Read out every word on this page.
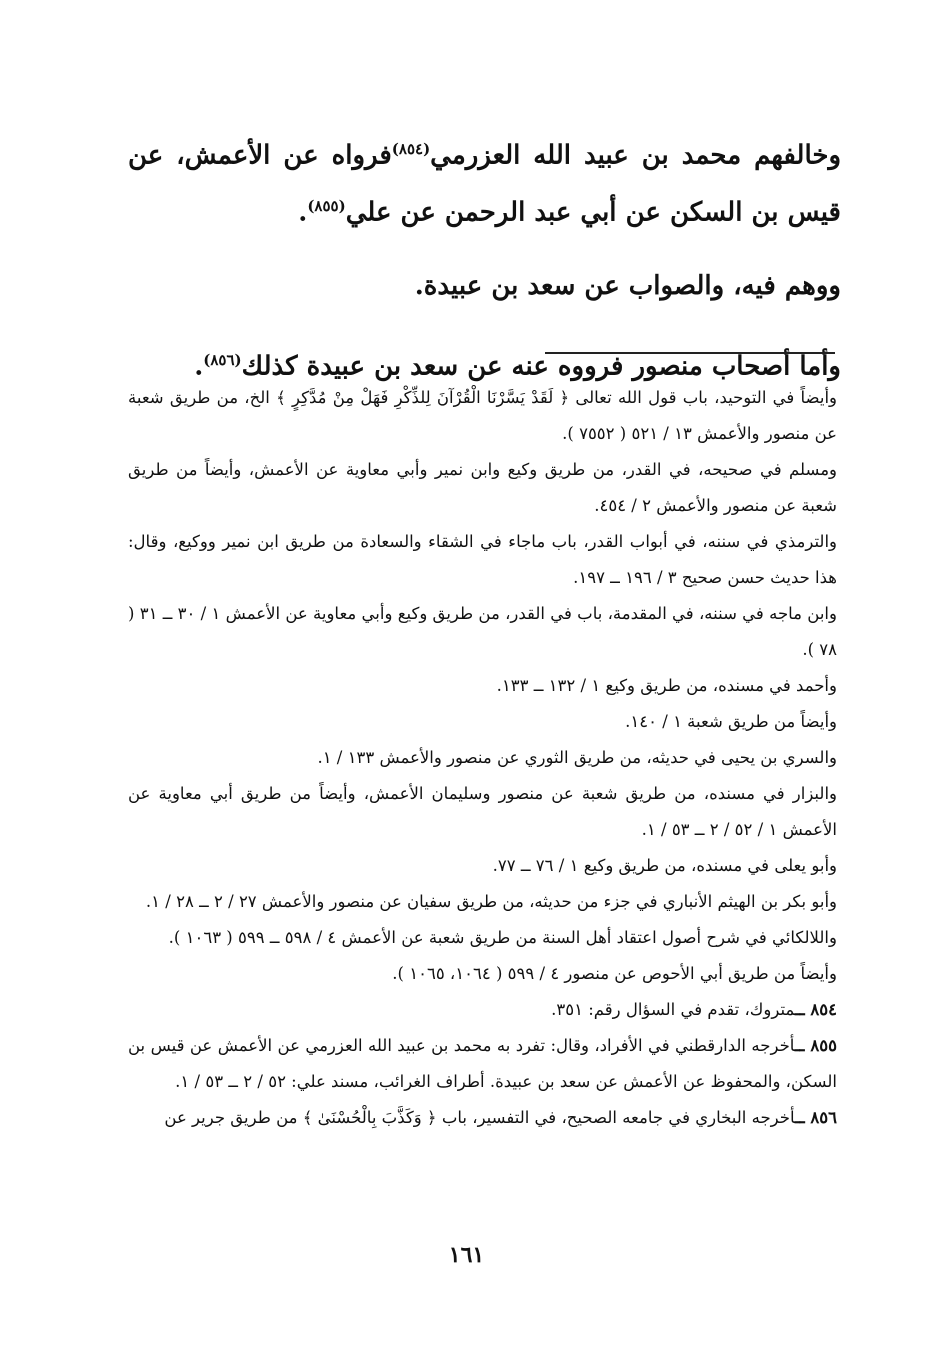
وخالفهم محمد بن عبيد الله العزرمي$^{(٨٥٤)}$فرواه عن الأعمش، عن قيس بن السكن عن أبي عبد الرحمن عن علي$^{(٨٥٥)}$.

ووهم فيه، والصواب عن سعد بن عبيدة.

وأما أصحاب منصور فرووه عنه عن سعد بن عبيدة كذلك$^{(٨٥٦)}$.

وأيضاً في التوحيد، باب قول الله تعالى ﴿ لَقَدْ يَسَّرْنَا الْقُرْآنَ لِلذِّكْرِ فَهَلْ مِنْ مُدَّكِرٍ ﴾ الخ، من طريق شعبة عن منصور والأعمش ١٣ / ٥٢١ ( ٧٥٥٢ ).

ومسلم في صحيحه، في القدر، من طريق وكيع وابن نمير وأبي معاوية عن الأعمش، وأيضاً من طريق شعبة عن منصور والأعمش ٢ / ٤٥٤.

والترمذي في سننه، في أبواب القدر، باب ماجاء في الشقاء والسعادة من طريق ابن نمير ووكيع، وقال: هذا حديث حسن صحيح ٣ / ١٩٦ ــ ١٩٧.

وابن ماجه في سننه، في المقدمة، باب في القدر، من طريق وكيع وأبي معاوية عن الأعمش ١ / ٣٠ ــ ٣١ ( ٧٨ ).

وأحمد في مسنده، من طريق وكيع ١ / ١٣٢ ــ ١٣٣.

وأيضاً من طريق شعبة ١ / ١٤٠.

والسري بن يحيى في حديثه، من طريق الثوري عن منصور والأعمش ١٣٣ / ١.

والبزار في مسنده، من طريق شعبة عن منصور وسليمان الأعمش، وأيضاً من طريق أبي معاوية عن الأعمش ١ / ٥٢ / ٢ ــ ٥٣ / ١.

وأبو يعلى في مسنده، من طريق وكيع ١ / ٧٦ ــ ٧٧.

وأبو بكر بن الهيثم الأنباري في جزء من حديثه، من طريق سفيان عن منصور والأعمش ٢٧ / ٢ ــ ٢٨ / ١.

واللالكائي في شرح أصول اعتقاد أهل السنة من طريق شعبة عن الأعمش ٤ / ٥٩٨ ــ ٥٩٩ ( ١٠٦٣ ).

وأيضاً من طريق أبي الأحوص عن منصور ٤ / ٥٩٩ ( ١٠٦٤، ١٠٦٥ ).

٨٥٤ ــمتروك، تقدم في السؤال رقم: ٣٥١.

٨٥٥ ــأخرجه الدارقطني في الأفراد، وقال: تفرد به محمد بن عبيد الله العزرمي عن الأعمش عن قيس بن السكن، والمحفوظ عن الأعمش عن سعد بن عبيدة. أطراف الغرائب، مسند علي: ٥٢ / ٢ ــ ٥٣ / ١.

٨٥٦ ــأخرجه البخاري في جامعه الصحيح، في التفسير، باب ﴿ وَكَذَّبَ بِالْحُسْنَىٰ ﴾ من طريق جرير عن

١٦١
